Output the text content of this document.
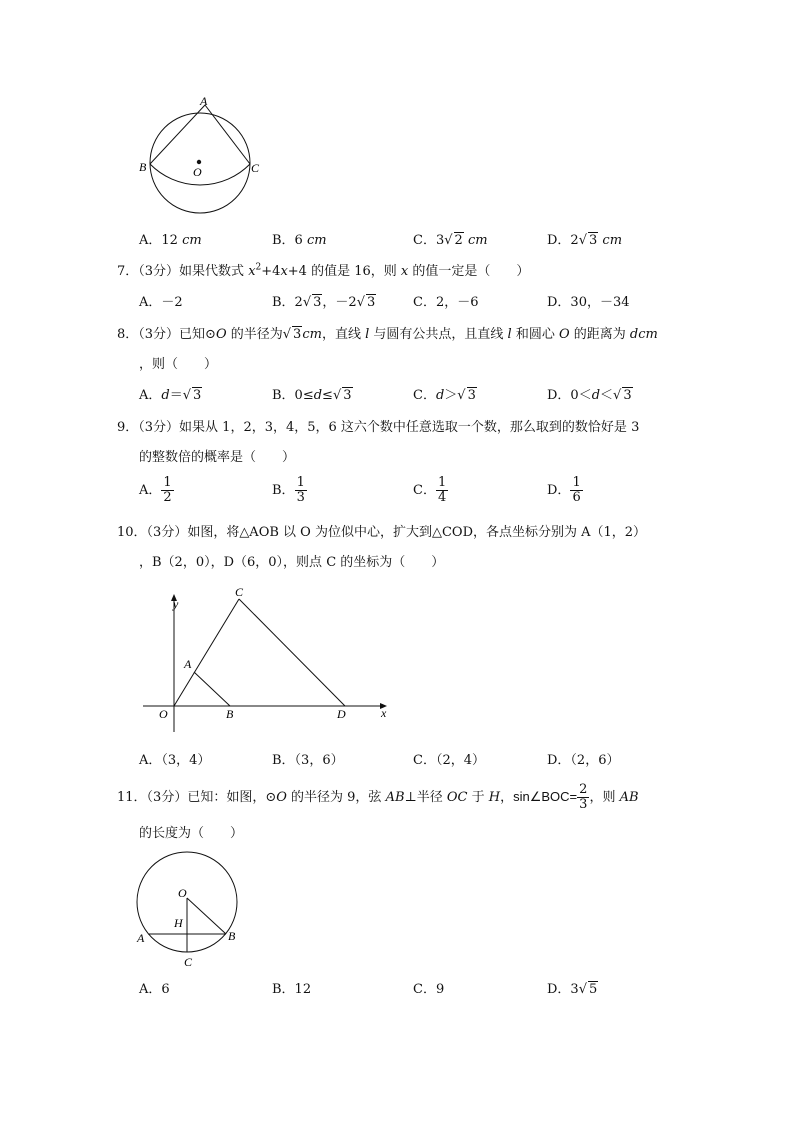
A
B	C
O
A．12 cm	B．6 cm	C．3√ 2 cm	D．2√ 3 cm
7．（3分）如果代数式 $x^2+4x+4$ 的值是 16，则 x 的值一定是（　　）
A．－2	B．2√ 3，－2√ 3	C．2，－6	D．30，－34
8．（3分）已知⊙O 的半径为√ 3cm，直线 l 与圆有公共点，且直线 l 和圆心 O 的距离为 dcm
，则（　　）
A．d＝√ 3	B．0≤d≤√ 3	C．d＞√ 3	D．0＜d＜√ 3
9．（3分）如果从 1，2，3，4，5，6 这六个数中任意选取一个数，那么取到的数恰好是 3
的整数倍的概率是（　　）
A． $\frac{1}{2}$	B． $\frac{1}{3}$	C． $\frac{1}{4}$	D． $\frac{1}{6}$
10．（3分）如图，将△AOB 以 O 为位似中心，扩大到△COD，各点坐标分别为 A（1，2）
，B（2，0），D（6，0），则点 C 的坐标为（　　）
y
x
C
A
O	B	D
A．（3，4）	B．（3，6）	C．（2，4）	D．（2，6）
11．（3分）已知：如图，⊙O 的半径为 9，弦 AB⊥半径 OC 于 H，sin∠BOC= $\frac{2}{3}$ ，则 AB
的长度为（　　）
O
H
A	B
C
A．6	B．12	C．9	D．3√ 5
